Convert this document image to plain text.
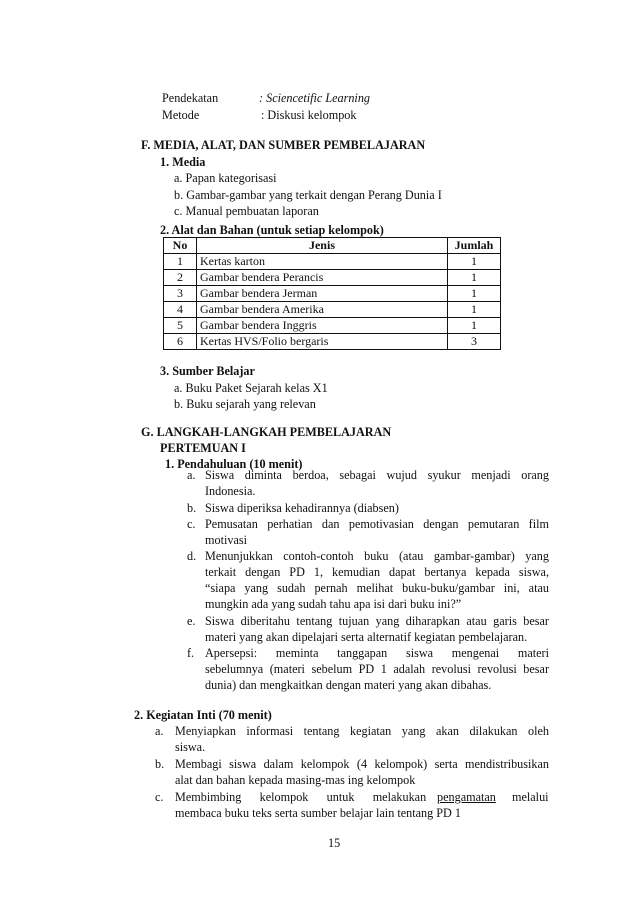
Pendekatan	: Sciencetific Learning
Metode	: Diskusi kelompok
F. MEDIA, ALAT, DAN SUMBER PEMBELAJARAN
1. Media
a. Papan kategorisasi
b. Gambar-gambar yang terkait dengan Perang Dunia I
c. Manual pembuatan laporan
2. Alat dan Bahan (untuk setiap kelompok)
No	Jenis	Jumlah
1	Kertas karton	1
2	Gambar bendera Perancis	1
3	Gambar bendera Jerman	1
4	Gambar bendera Amerika	1
5	Gambar bendera Inggris	1
6	Kertas HVS/Folio bergaris	3
3. Sumber Belajar
a. Buku Paket Sejarah kelas X1
b. Buku sejarah yang relevan
G. LANGKAH-LANGKAH PEMBELAJARAN
PERTEMUAN I
1. Pendahuluan (10 menit)
a. Siswa diminta berdoa, sebagai wujud syukur menjadi orang
Indonesia.
b. Siswa diperiksa kehadirannya (diabsen)
c. Pemusatan perhatian dan pemotivasian dengan pemutaran film
motivasi
d. Menunjukkan contoh-contoh buku (atau gambar-gambar) yang
terkait dengan PD 1, kemudian dapat bertanya kepada siswa,
“siapa yang sudah pernah melihat buku-buku/gambar ini, atau
mungkin ada yang sudah tahu apa isi dari buku ini?”
e. Siswa diberitahu tentang tujuan yang diharapkan atau garis besar
materi yang akan dipelajari serta alternatif kegiatan pembelajaran.
f. Apersepsi: meminta tanggapan siswa mengenai materi
sebelumnya (materi sebelum PD 1 adalah revolusi revolusi besar
dunia) dan mengkaitkan dengan materi yang akan dibahas.
2. Kegiatan Inti (70 menit)
a. Menyiapkan informasi tentang kegiatan yang akan dilakukan oleh
siswa.
b. Membagi siswa dalam kelompok (4 kelompok) serta mendistribusikan
alat dan bahan kepada masing-mas ing kelompok
c. Membimbing      kelompok      untuk      melakukan pengamatan melalui
membaca buku teks serta sumber belajar lain tentang PD 1
15
